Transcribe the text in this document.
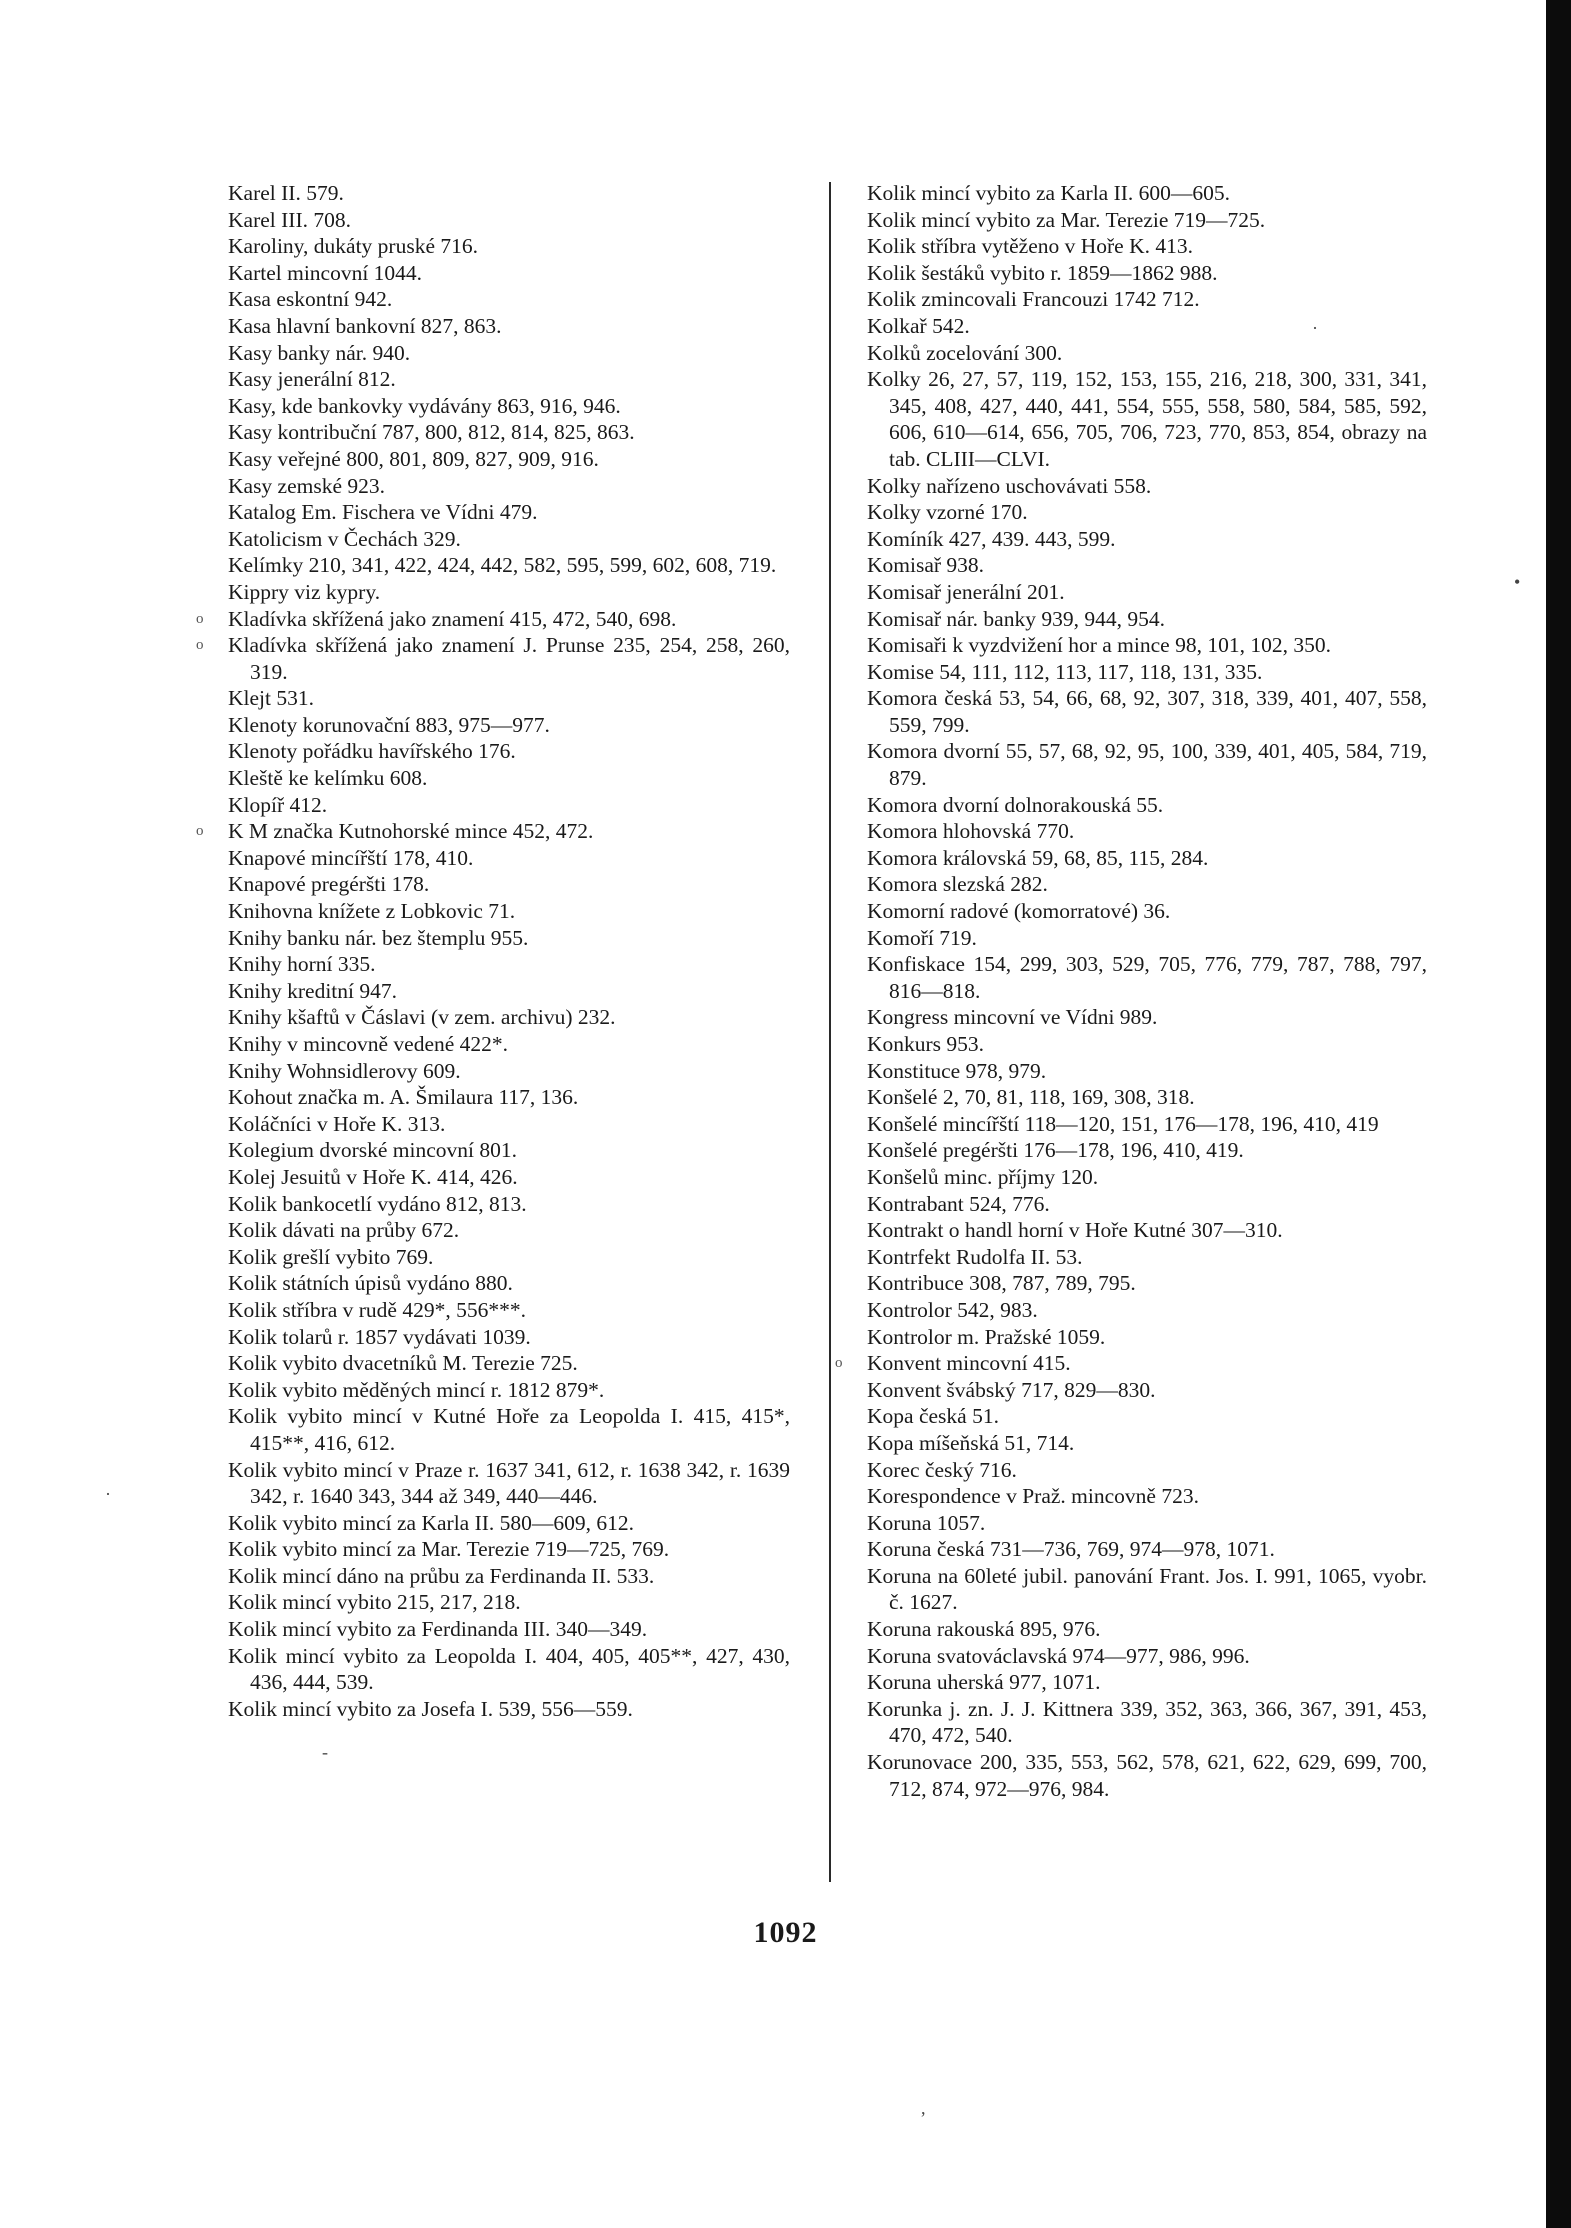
Karel II. 579.

Karel III. 708.

Karoliny, dukáty pruské 716.

Kartel mincovní 1044.

Kasa eskontní 942.

Kasa hlavní bankovní 827, 863.

Kasy banky nár. 940.

Kasy jenerální 812.

Kasy, kde bankovky vydávány 863, 916, 946.

Kasy kontribuční 787, 800, 812, 814, 825, 863.

Kasy veřejné 800, 801, 809, 827, 909, 916.

Kasy zemské 923.

Katalog Em. Fischera ve Vídni 479.

Katolicism v Čechách 329.

Kelímky 210, 341, 422, 424, 442, 582, 595, 599, 602, 608, 719.

Kippry viz kypry.

o Kladívka skřížená jako znamení 415, 472, 540, 698.

o Kladívka skřížená jako znamení J. Prunse 235, 254, 258, 260, 319.

Klejt 531.

Klenoty korunovační 883, 975—977.

Klenoty pořádku havířského 176.

Kleště ke kelímku 608.

Klopíř 412.

o K M značka Kutnohorské mince 452, 472.

Knapové mincířští 178, 410.

Knapové pregéršti 178.

Knihovna knížete z Lobkovic 71.

Knihy banku nár. bez štemplu 955.

Knihy horní 335.

Knihy kreditní 947.

Knihy kšaftů v Čáslavi (v zem. archivu) 232.

Knihy v mincovně vedené 422*.

Knihy Wohnsidlerovy 609.

Kohout značka m. A. Šmilaura 117, 136.

Koláčníci v Hoře K. 313.

Kolegium dvorské mincovní 801.

Kolej Jesuitů v Hoře K. 414, 426.

Kolik bankocetlí vydáno 812, 813.

Kolik dávati na průby 672.

Kolik grešlí vybito 769.

Kolik státních úpisů vydáno 880.

Kolik stříbra v rudě 429*, 556***.

Kolik tolarů r. 1857 vydávati 1039.

Kolik vybito dvacetníků M. Terezie 725.

Kolik vybito měděných mincí r. 1812 879*.

Kolik vybito mincí v Kutné Hoře za Leopolda I. 415, 415*, 415**, 416, 612.

Kolik vybito mincí v Praze r. 1637 341, 612, r. 1638 342, r. 1639 342, r. 1640 343, 344 až 349, 440—446.

Kolik vybito mincí za Karla II. 580—609, 612.

Kolik vybito mincí za Mar. Terezie 719—725, 769.

Kolik mincí dáno na průbu za Ferdinanda II. 533.

Kolik mincí vybito 215, 217, 218.

Kolik mincí vybito za Ferdinanda III. 340—349.

Kolik mincí vybito za Leopolda I. 404, 405, 405**, 427, 430, 436, 444, 539.

Kolik mincí vybito za Josefa I. 539, 556—559.

Kolik mincí vybito za Karla II. 600—605.

Kolik mincí vybito za Mar. Terezie 719—725.

Kolik stříbra vytěženo v Hoře K. 413.

Kolik šestáků vybito r. 1859—1862 988.

Kolik zmincovali Francouzi 1742 712.

Kolkař 542.

Kolků zocelování 300.

Kolky 26, 27, 57, 119, 152, 153, 155, 216, 218, 300, 331, 341, 345, 408, 427, 440, 441, 554, 555, 558, 580, 584, 585, 592, 606, 610—614, 656, 705, 706, 723, 770, 853, 854, obrazy na tab. CLIII—CLVI.

Kolky nařízeno uschovávati 558.

Kolky vzorné 170.

Komíník 427, 439. 443, 599.

Komisař 938.

Komisař jenerální 201.

Komisař nár. banky 939, 944, 954.

Komisaři k vyzdvižení hor a mince 98, 101, 102, 350.

Komise 54, 111, 112, 113, 117, 118, 131, 335.

Komora česká 53, 54, 66, 68, 92, 307, 318, 339, 401, 407, 558, 559, 799.

Komora dvorní 55, 57, 68, 92, 95, 100, 339, 401, 405, 584, 719, 879.

Komora dvorní dolnorakouská 55.

Komora hlohovská 770.

Komora královská 59, 68, 85, 115, 284.

Komora slezská 282.

Komorní radové (komorratové) 36.

Komoří 719.

Konfiskace 154, 299, 303, 529, 705, 776, 779, 787, 788, 797, 816—818.

Kongress mincovní ve Vídni 989.

Konkurs 953.

Konstituce 978, 979.

Konšelé 2, 70, 81, 118, 169, 308, 318.

Konšelé mincířští 118—120, 151, 176—178, 196, 410, 419

Konšelé pregéršti 176—178, 196, 410, 419.

Konšelů minc. příjmy 120.

Kontrabant 524, 776.

Kontrakt o handl horní v Hoře Kutné 307—310.

Kontrfekt Rudolfa II. 53.

Kontribuce 308, 787, 789, 795.

Kontrolor 542, 983.

Kontrolor m. Pražské 1059.

o Konvent mincovní 415.

Konvent švábský 717, 829—830.

Kopa česká 51.

Kopa míšeňská 51, 714.

Korec český 716.

Korespondence v Praž. mincovně 723.

Koruna 1057.

Koruna česká 731—736, 769, 974—978, 1071.

Koruna na 60leté jubil. panování Frant. Jos. I. 991, 1065, vyobr. č. 1627.

Koruna rakouská 895, 976.

Koruna svatováclavská 974—977, 986, 996.

Koruna uherská 977, 1071.

Korunka j. zn. J. J. Kittnera 339, 352, 363, 366, 367, 391, 453, 470, 472, 540.

Korunovace 200, 335, 553, 562, 578, 621, 622, 629, 699, 700, 712, 874, 972—976, 984.

1092
•
·
·
-
,
